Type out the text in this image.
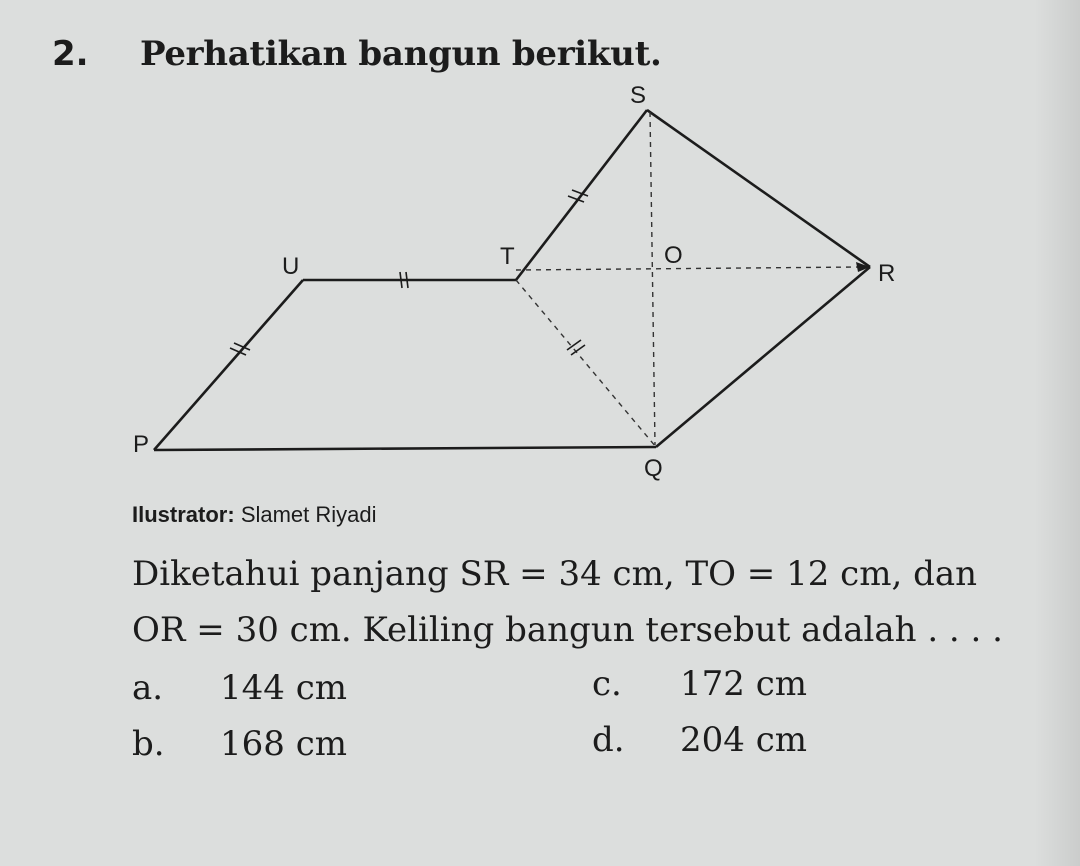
2. Perhatikan bangun berikut.
S
U	T	O
R
P
Q
Ilustrator: Slamet Riyadi
Diketahui panjang SR = 34 cm, TO = 12 cm, dan
OR = 30 cm. Keliling bangun tersebut adalah . . . .
a. 144 cm
b. 168 cm
c. 172 cm
d. 204 cm
